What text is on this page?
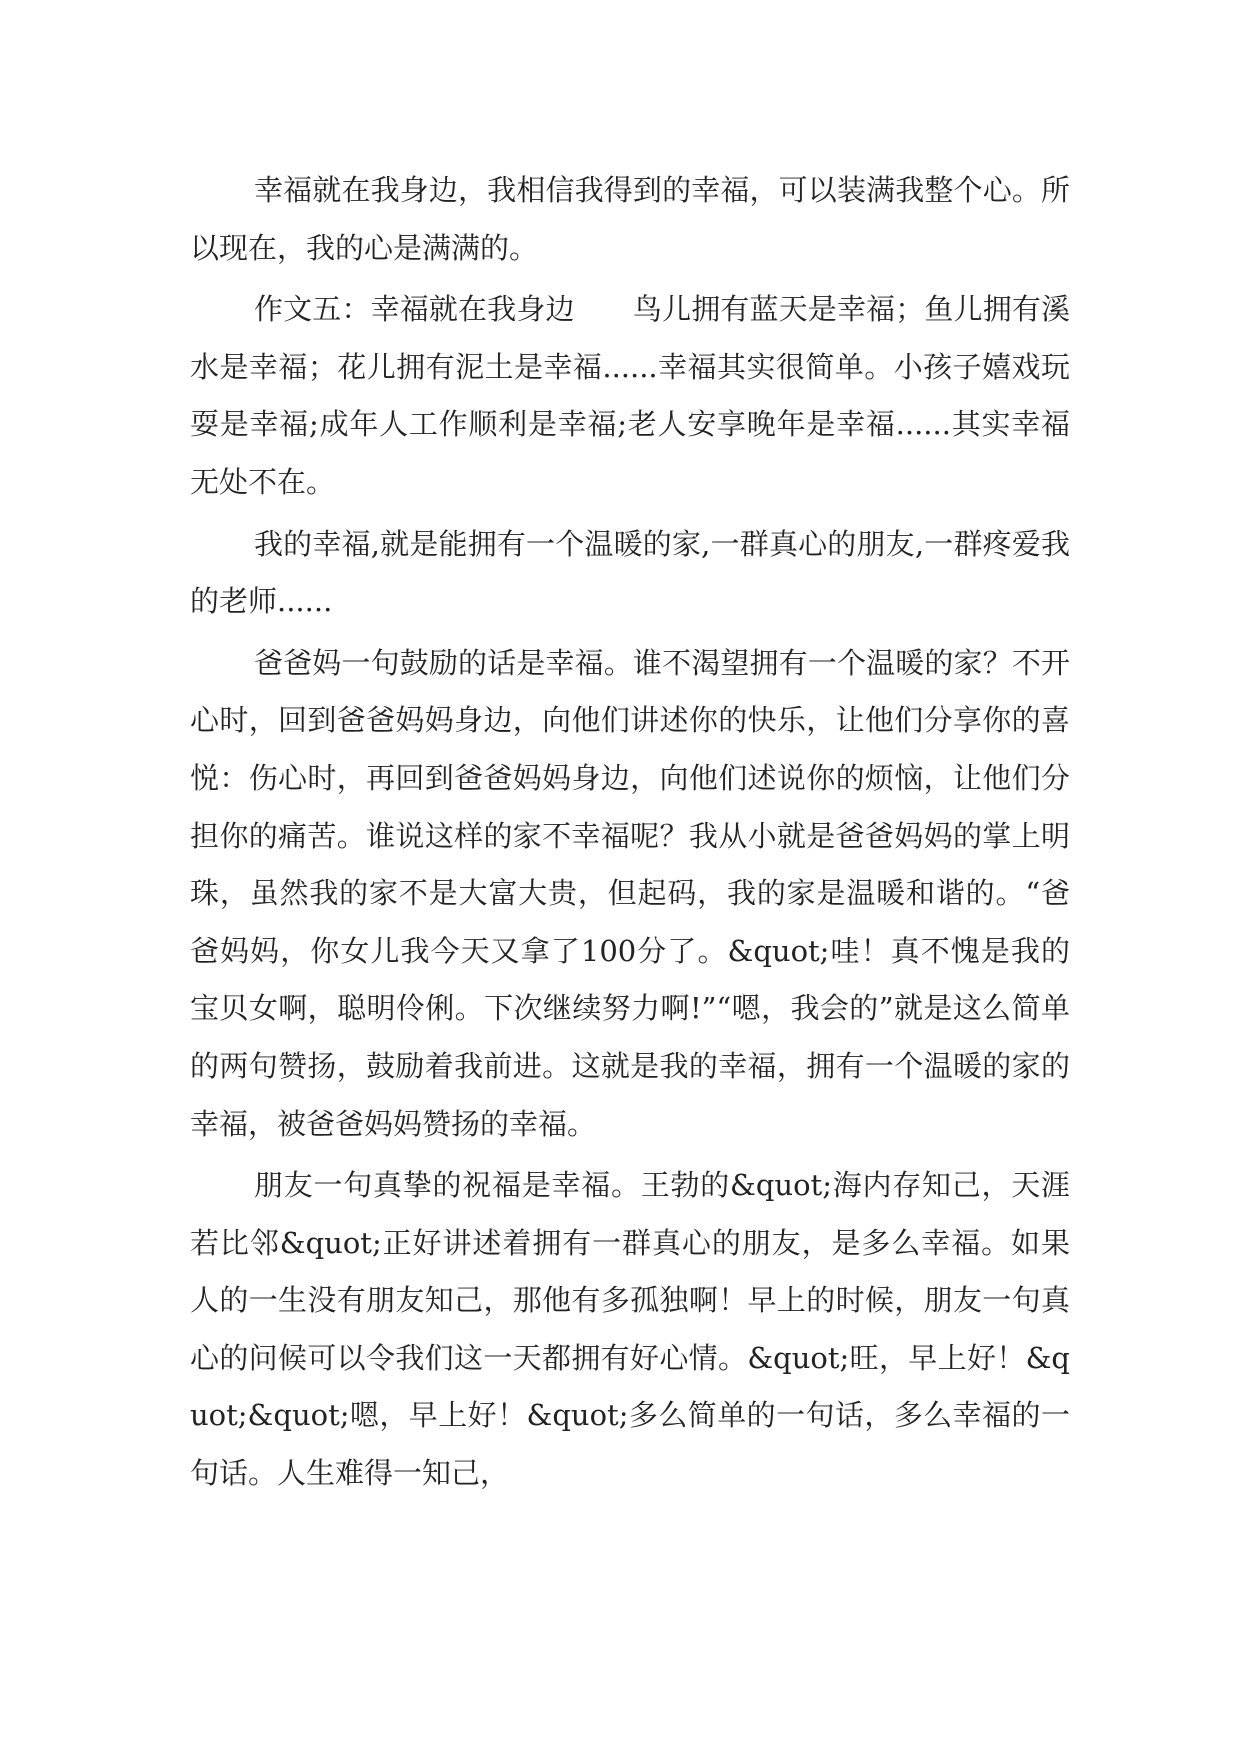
幸福就在我身边，我相信我得到的幸福，可以装满我整个心。所以现在，我的心是满满的。

作文五：幸福就在我身边　　鸟儿拥有蓝天是幸福；鱼儿拥有溪水是幸福；花儿拥有泥土是幸福......幸福其实很简单。小孩子嬉戏玩耍是幸福;成年人工作顺利是幸福;老人安享晚年是幸福......其实幸福无处不在。

我的幸福,就是能拥有一个温暖的家,一群真心的朋友,一群疼爱我的老师......

爸爸妈一句鼓励的话是幸福。谁不渴望拥有一个温暖的家？不开心时，回到爸爸妈妈身边，向他们讲述你的快乐，让他们分享你的喜悦：伤心时，再回到爸爸妈妈身边，向他们述说你的烦恼，让他们分担你的痛苦。谁说这样的家不幸福呢？我从小就是爸爸妈妈的掌上明珠，虽然我的家不是大富大贵，但起码，我的家是温暖和谐的。“爸爸妈妈，你女儿我今天又拿了100分了。&quot;哇！真不愧是我的宝贝女啊，聪明伶俐。下次继续努力啊!”“嗯，我会的”就是这么简单的两句赞扬，鼓励着我前进。这就是我的幸福，拥有一个温暖的家的幸福，被爸爸妈妈赞扬的幸福。

朋友一句真挚的祝福是幸福。王勃的&quot;海内存知己，天涯若比邻&quot;正好讲述着拥有一群真心的朋友，是多么幸福。如果人的一生没有朋友知己，那他有多孤独啊！早上的时候，朋友一句真心的问候可以令我们这一天都拥有好心情。&quot;旺，早上好！&quot;&quot;嗯，早上好！&quot;多么简单的一句话，多么幸福的一句话。人生难得一知己，
